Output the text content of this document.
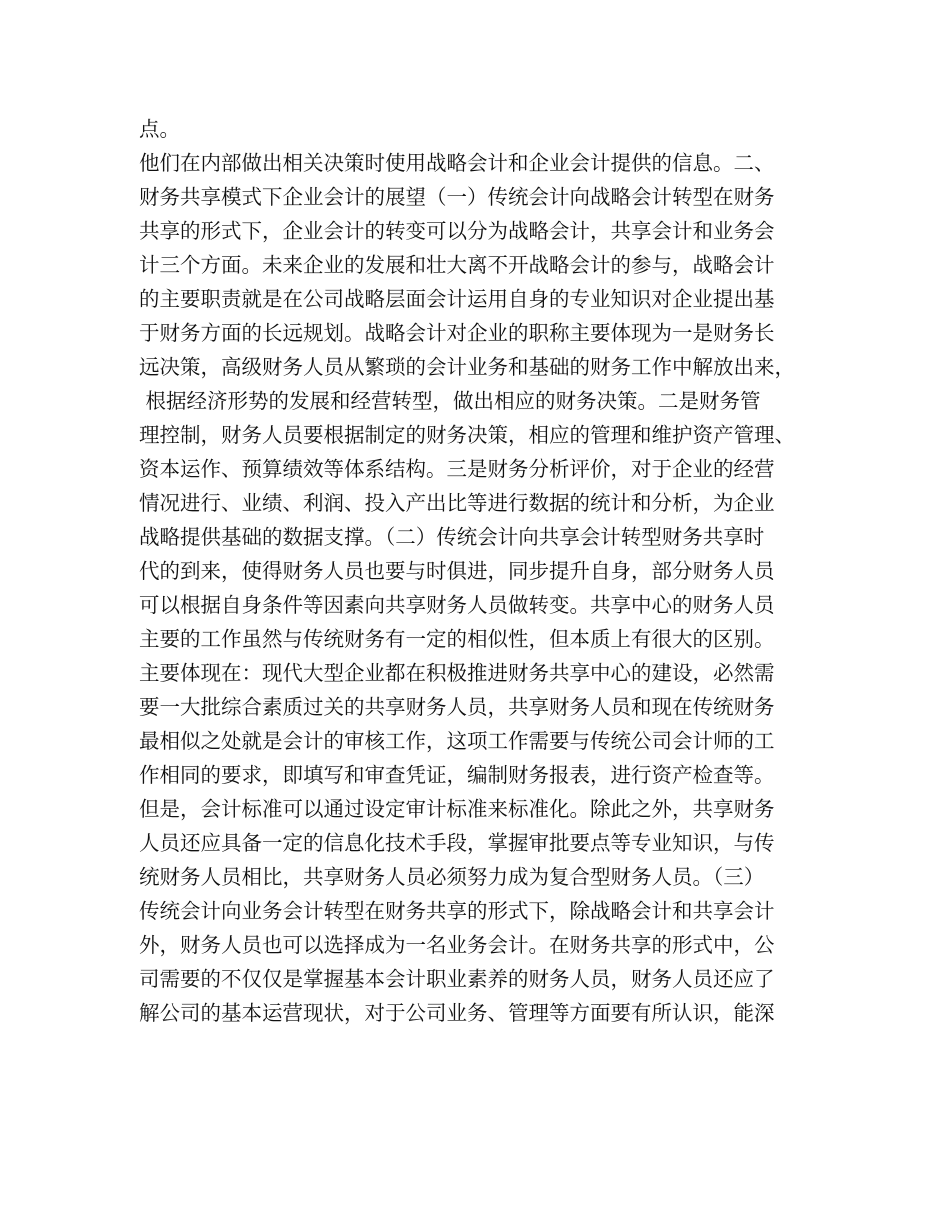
点。
他们在内部做出相关决策时使用战略会计和企业会计提供的信息。二、
财务共享模式下企业会计的展望（一）传统会计向战略会计转型在财务
共享的形式下，企业会计的转变可以分为战略会计，共享会计和业务会
计三个方面。未来企业的发展和壮大离不开战略会计的参与，战略会计
的主要职责就是在公司战略层面会计运用自身的专业知识对企业提出基
于财务方面的长远规划。战略会计对企业的职称主要体现为一是财务长
远决策，高级财务人员从繁琐的会计业务和基础的财务工作中解放出来，
根据经济形势的发展和经营转型，做出相应的财务决策。二是财务管
理控制，财务人员要根据制定的财务决策，相应的管理和维护资产管理、
资本运作、预算绩效等体系结构。三是财务分析评价，对于企业的经营
情况进行、业绩、利润、投入产出比等进行数据的统计和分析，为企业
战略提供基础的数据支撑。（二）传统会计向共享会计转型财务共享时
代的到来，使得财务人员也要与时俱进，同步提升自身，部分财务人员
可以根据自身条件等因素向共享财务人员做转变。共享中心的财务人员
主要的工作虽然与传统财务有一定的相似性，但本质上有很大的区别。
主要体现在：现代大型企业都在积极推进财务共享中心的建设，必然需
要一大批综合素质过关的共享财务人员，共享财务人员和现在传统财务
最相似之处就是会计的审核工作，这项工作需要与传统公司会计师的工
作相同的要求，即填写和审查凭证，编制财务报表，进行资产检查等。
但是，会计标准可以通过设定审计标准来标准化。除此之外，共享财务
人员还应具备一定的信息化技术手段，掌握审批要点等专业知识，与传
统财务人员相比，共享财务人员必须努力成为复合型财务人员。（三）
传统会计向业务会计转型在财务共享的形式下，除战略会计和共享会计
外，财务人员也可以选择成为一名业务会计。在财务共享的形式中，公
司需要的不仅仅是掌握基本会计职业素养的财务人员，财务人员还应了
解公司的基本运营现状，对于公司业务、管理等方面要有所认识，能深
